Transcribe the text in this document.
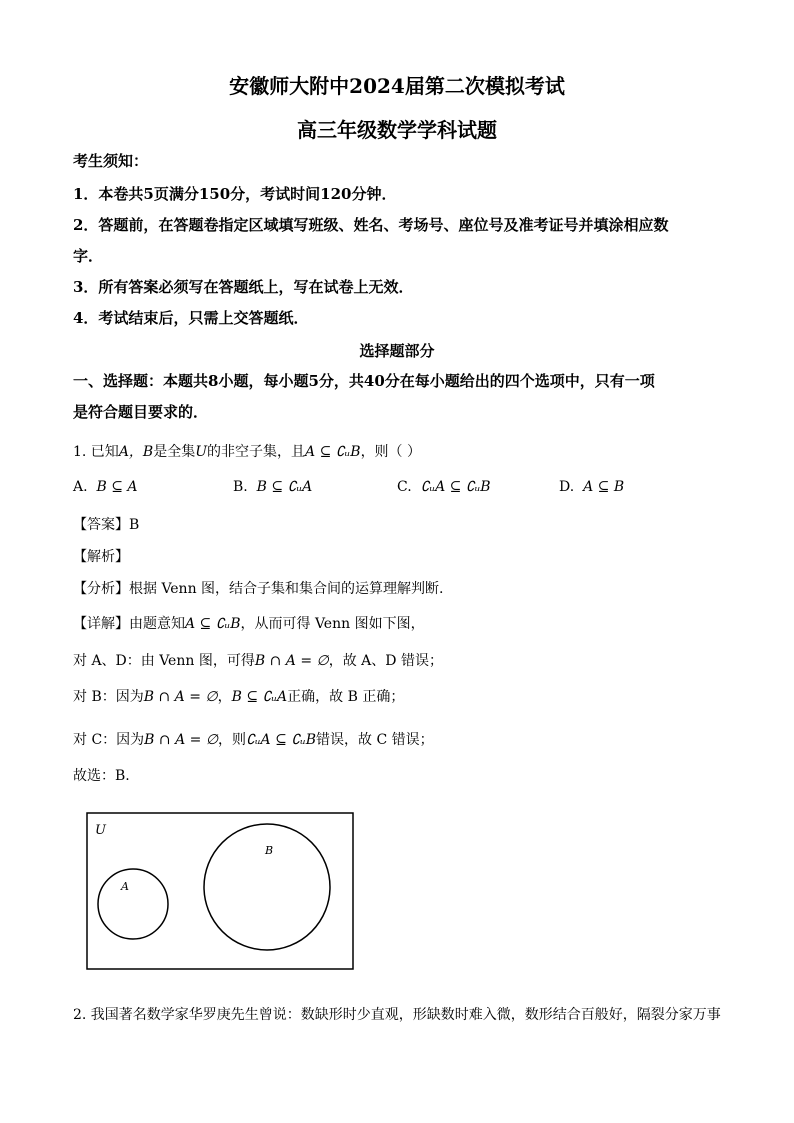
安徽师大附中2024届第二次模拟考试
高三年级数学学科试题
考生须知：
1．本卷共5页满分150分，考试时间120分钟．
2．答题前，在答题卷指定区域填写班级、姓名、考场号、座位号及准考证号并填涂相应数
字．
3．所有答案必须写在答题纸上，写在试卷上无效．
4．考试结束后，只需上交答题纸．
选择题部分
一、选择题：本题共8小题，每小题5分，共40分在每小题给出的四个选项中，只有一项
是符合题目要求的．
1. 已知A，B是全集U的非空子集，且A ⊆ ∁ᵤB，则（ ）
A. B ⊆ A	B. B ⊆ ∁ᵤA	C. ∁ᵤA ⊆ ∁ᵤB	D. A ⊆ B
【答案】B
【解析】
【分析】根据 Venn 图，结合子集和集合间的运算理解判断.
【详解】由题意知A ⊆ ∁ᵤB，从而可得 Venn 图如下图，
对 A、D：由 Venn 图，可得B ∩ A = ∅，故 A、D 错误；
对 B：因为B ∩ A = ∅，B ⊆ ∁ᵤA正确，故 B 正确；
对 C：因为B ∩ A = ∅，则∁ᵤA ⊆ ∁ᵤB错误，故 C 错误；
故选：B.
U
A
B
2. 我国著名数学家华罗庚先生曾说：数缺形时少直观，形缺数时难入微，数形结合百般好，隔裂分家万事
